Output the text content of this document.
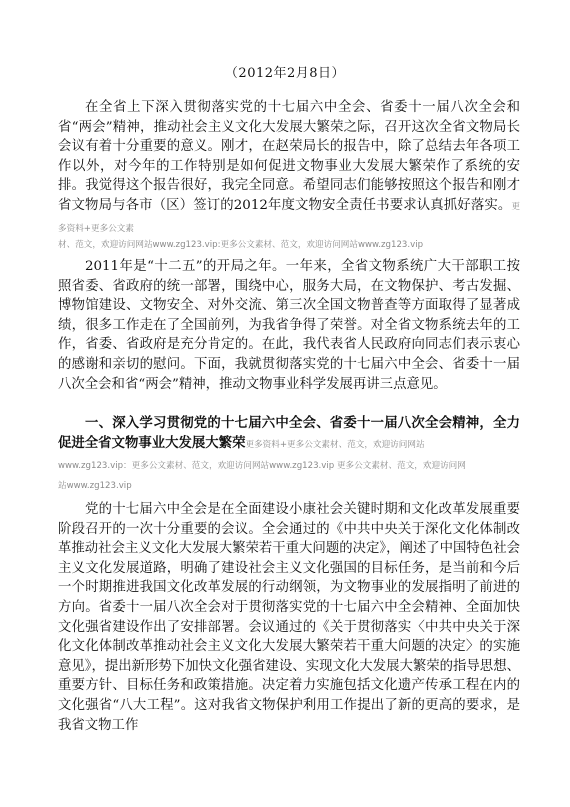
（2012年2月8日）

在全省上下深入贯彻落实党的十七届六中全会、省委十一届八次全会和省“两会”精神，推动社会主义文化大发展大繁荣之际，召开这次全省文物局长会议有着十分重要的意义。刚才，在赵荣局长的报告中，除了总结去年各项工作以外，对今年的工作特别是如何促进文物事业大发展大繁荣作了系统的安排。我觉得这个报告很好，我完全同意。希望同志们能够按照这个报告和刚才省文物局与各市（区）签订的2012年度文物安全责任书要求认真抓好落实。更多资料+更多公文素

材、范文，欢迎访问网站www.zg123.vip:更多公文素材、范文，欢迎访问网站www.zg123.vip

2011年是“十二五”的开局之年。一年来，全省文物系统广大干部职工按照省委、省政府的统一部署，围绕中心，服务大局，在文物保护、考古发掘、博物馆建设、文物安全、对外交流、第三次全国文物普查等方面取得了显著成绩，很多工作走在了全国前列，为我省争得了荣誉。对全省文物系统去年的工作，省委、省政府是充分肯定的。在此，我代表省人民政府向同志们表示衷心的感谢和亲切的慰问。下面，我就贯彻落实党的十七届六中全会、省委十一届八次全会和省“两会”精神，推动文物事业科学发展再讲三点意见。

一、深入学习贯彻党的十七届六中全会、省委十一届八次全会精神，全力促进全省文物事业大发展大繁荣更多资料+更多公文素材、范文，欢迎访问网站

www.zg123.vip：更多公文素材、范文，欢迎访问网站www.zg123.vip 更多公文素材、范文，欢迎访问网
站www.zg123.vip

党的十七届六中全会是在全面建设小康社会关键时期和文化改革发展重要阶段召开的一次十分重要的会议。全会通过的《中共中央关于深化文化体制改革推动社会主义文化大发展大繁荣若干重大问题的决定》，阐述了中国特色社会主义文化发展道路，明确了建设社会主义文化强国的目标任务，是当前和今后一个时期推进我国文化改革发展的行动纲领，为文物事业的发展指明了前进的方向。省委十一届八次全会对于贯彻落实党的十七届六中全会精神、全面加快文化强省建设作出了安排部署。会议通过的《关于贯彻落实〈中共中央关于深化文化体制改革推动社会主义文化大发展大繁荣若干重大问题的决定〉的实施意见》，提出新形势下加快文化强省建设、实现文化大发展大繁荣的指导思想、重要方针、目标任务和政策措施。决定着力实施包括文化遗产传承工程在内的文化强省“八大工程”。这对我省文物保护利用工作提出了新的更高的要求，是我省文物工作
